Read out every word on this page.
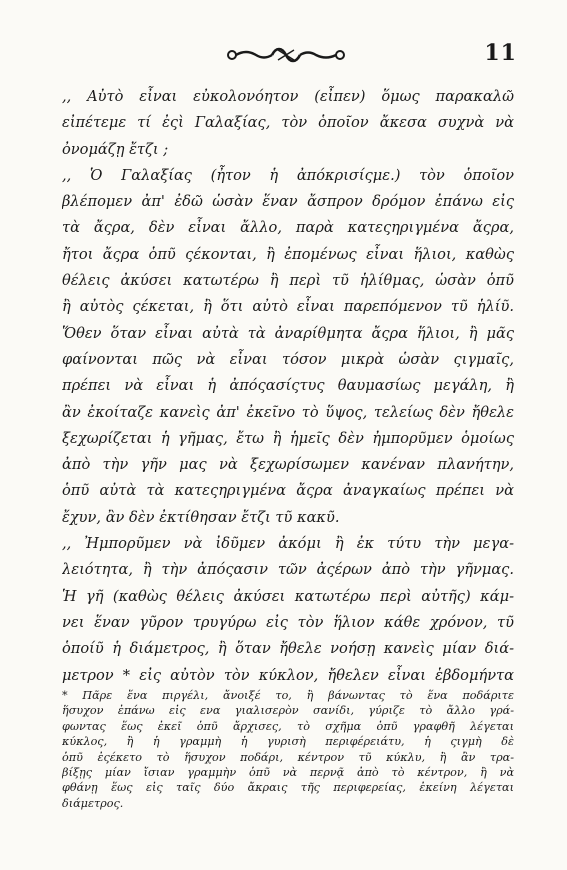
11
,, Αὐτὸ εἶναι εὐκολονόητον (εἶπεν) ὅμως παρακαλῶ
εἰπέτεμε τί ἐςὶ Γαλαξίας, τὸν ὁποῖον ἄκεσα συχνὰ νὰ
ὀνομάζῃ ἔτζι ;
,, Ὁ Γαλαξίας (ἦτον ἡ ἀπόκρισίςμε.) τὸν ὁποῖον
βλέπομεν ἀπ' ἐδῶ ὡσὰν ἕναν ἄσπρον δρόμον ἐπάνω εἰς
τὰ ἄςρα, δὲν εἶναι ἄλλο, παρὰ κατεςηριγμένα ἄςρα,
ἤτοι ἄςρα ὁπῦ ςέκονται, ἢ ἐπομένως εἶναι ἥλιοι, καθὼς
θέλεις ἀκύσει κατωτέρω ἢ περὶ τῦ ἡλίθμας, ὡσὰν ὁπῦ
ἢ αὐτὸς ςέκεται, ἢ ὅτι αὐτὸ εἶναι παρεπόμενον τῦ ἡλίῦ.
Ὅθεν ὅταν εἶναι αὐτὰ τὰ ἀναρίθμητα ἄςρα ἥλιοι, ἢ μᾶς
φαίνονται πῶς νὰ εἶναι τόσον μικρὰ ὡσὰν ςιγμαῖς,
πρέπει νὰ εἶναι ἡ ἀπόςασίςτυς θαυμασίως μεγάλη, ἢ
ἂν ἐκοίταζε κανεὶς ἀπ' ἐκεῖνο τὸ ὕψος, τελείως δὲν ἤθελε
ξεχωρίζεται ἡ γῆμας, ἔτω ἢ ἡμεῖς δὲν ἠμπορῦμεν ὁμοίως
ἀπὸ τὴν γῆν μας νὰ ξεχωρίσωμεν κανέναν πλανήτην,
ὁπῦ αὐτὰ τὰ κατεςηριγμένα ἄςρα ἀναγκαίως πρέπει νὰ
ἔχυν, ἂν δὲν ἐκτίθησαν ἔτζι τῦ κακῦ.
,, Ἠμπορῦμεν νὰ ἰδῦμεν ἀκόμι ἢ ἐκ τύτυ τὴν μεγα-
λειότητα, ἢ τὴν ἀπόςασιν τῶν ἀςέρων ἀπὸ τὴν γῆνμας.
Ἡ γῆ (καθὼς θέλεις ἀκύσει κατωτέρω περὶ αὐτῆς) κάμ-
νει ἕναν γῦρον τρυγύρω εἰς τὸν ἥλιον κάθε χρόνον, τῦ
ὁποίῦ ἡ διάμετρος, ἢ ὅταν ἤθελε νοήσῃ κανεὶς μίαν διά-
μετρον * εἰς αὐτὸν τὸν κύκλον, ἤθελεν εἶναι ἑβδομήντα
* Πᾶρε ἕνα πιργέλι, ἄνοιξέ το, ἢ βάνωντας τὸ ἕνα ποδάριτε
ἥσυχον ἐπάνω εἰς ενα γιαλισερὸν σανίδι, γύριζε τὸ ἄλλο γρά-
φωντας ἕως ἐκεῖ ὁπῦ ἄρχισες, τὸ σχῆμα ὁπῦ γραφθῆ λέγεται
κύκλος, ἢ ἡ γραμμὴ ἡ γυρισὴ περιφέρειάτυ, ἡ ςιγμὴ δὲ
ὁπῦ ἐςέκετο τὸ ἥσυχον ποδάρι, κέντρον τῦ κύκλυ, ἢ ἂν τρα-
βίξῃς μίαν ἴσιαν γραμμὴν ὁπῦ νὰ περνᾷ ἀπὸ τὸ κέντρον, ἢ νὰ
φθάνῃ ἕως εἰς ταῖς δύο ἄκραις τῆς περιφερείας, ἐκείνη λέγεται
διάμετρος.
